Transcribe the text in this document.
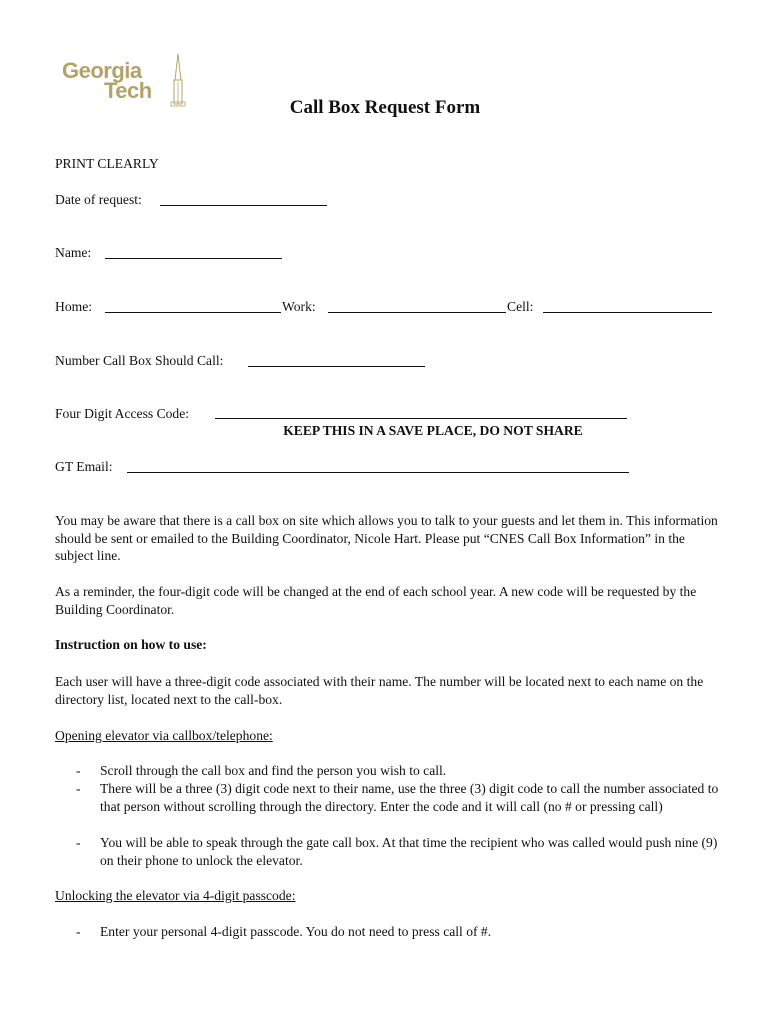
Georgia
Tech
Call Box Request Form
PRINT CLEARLY
Date of request:
Name:
Home:	Work:	Cell:
Number Call Box Should Call:
Four Digit Access Code:
KEEP THIS IN A SAVE PLACE, DO NOT SHARE
GT Email:
You may be aware that there is a call box on site which allows you to talk to your guests and let them in. This information should be sent or emailed to the Building Coordinator, Nicole Hart. Please put “CNES Call Box Information” in the subject line.
As a reminder, the four-digit code will be changed at the end of each school year. A new code will be requested by the Building Coordinator.
Instruction on how to use:
Each user will have a three-digit code associated with their name. The number will be located next to each name on the directory list, located next to the call-box.
Opening elevator via callbox/telephone:
- Scroll through the call box and find the person you wish to call.
- There will be a three (3) digit code next to their name, use the three (3) digit code to call the number associated to that person without scrolling through the directory. Enter the code and it will call (no # or pressing call)
- You will be able to speak through the gate call box. At that time the recipient who was called would push nine (9) on their phone to unlock the elevator.
Unlocking the elevator via 4-digit passcode:
- Enter your personal 4-digit passcode. You do not need to press call of #.
